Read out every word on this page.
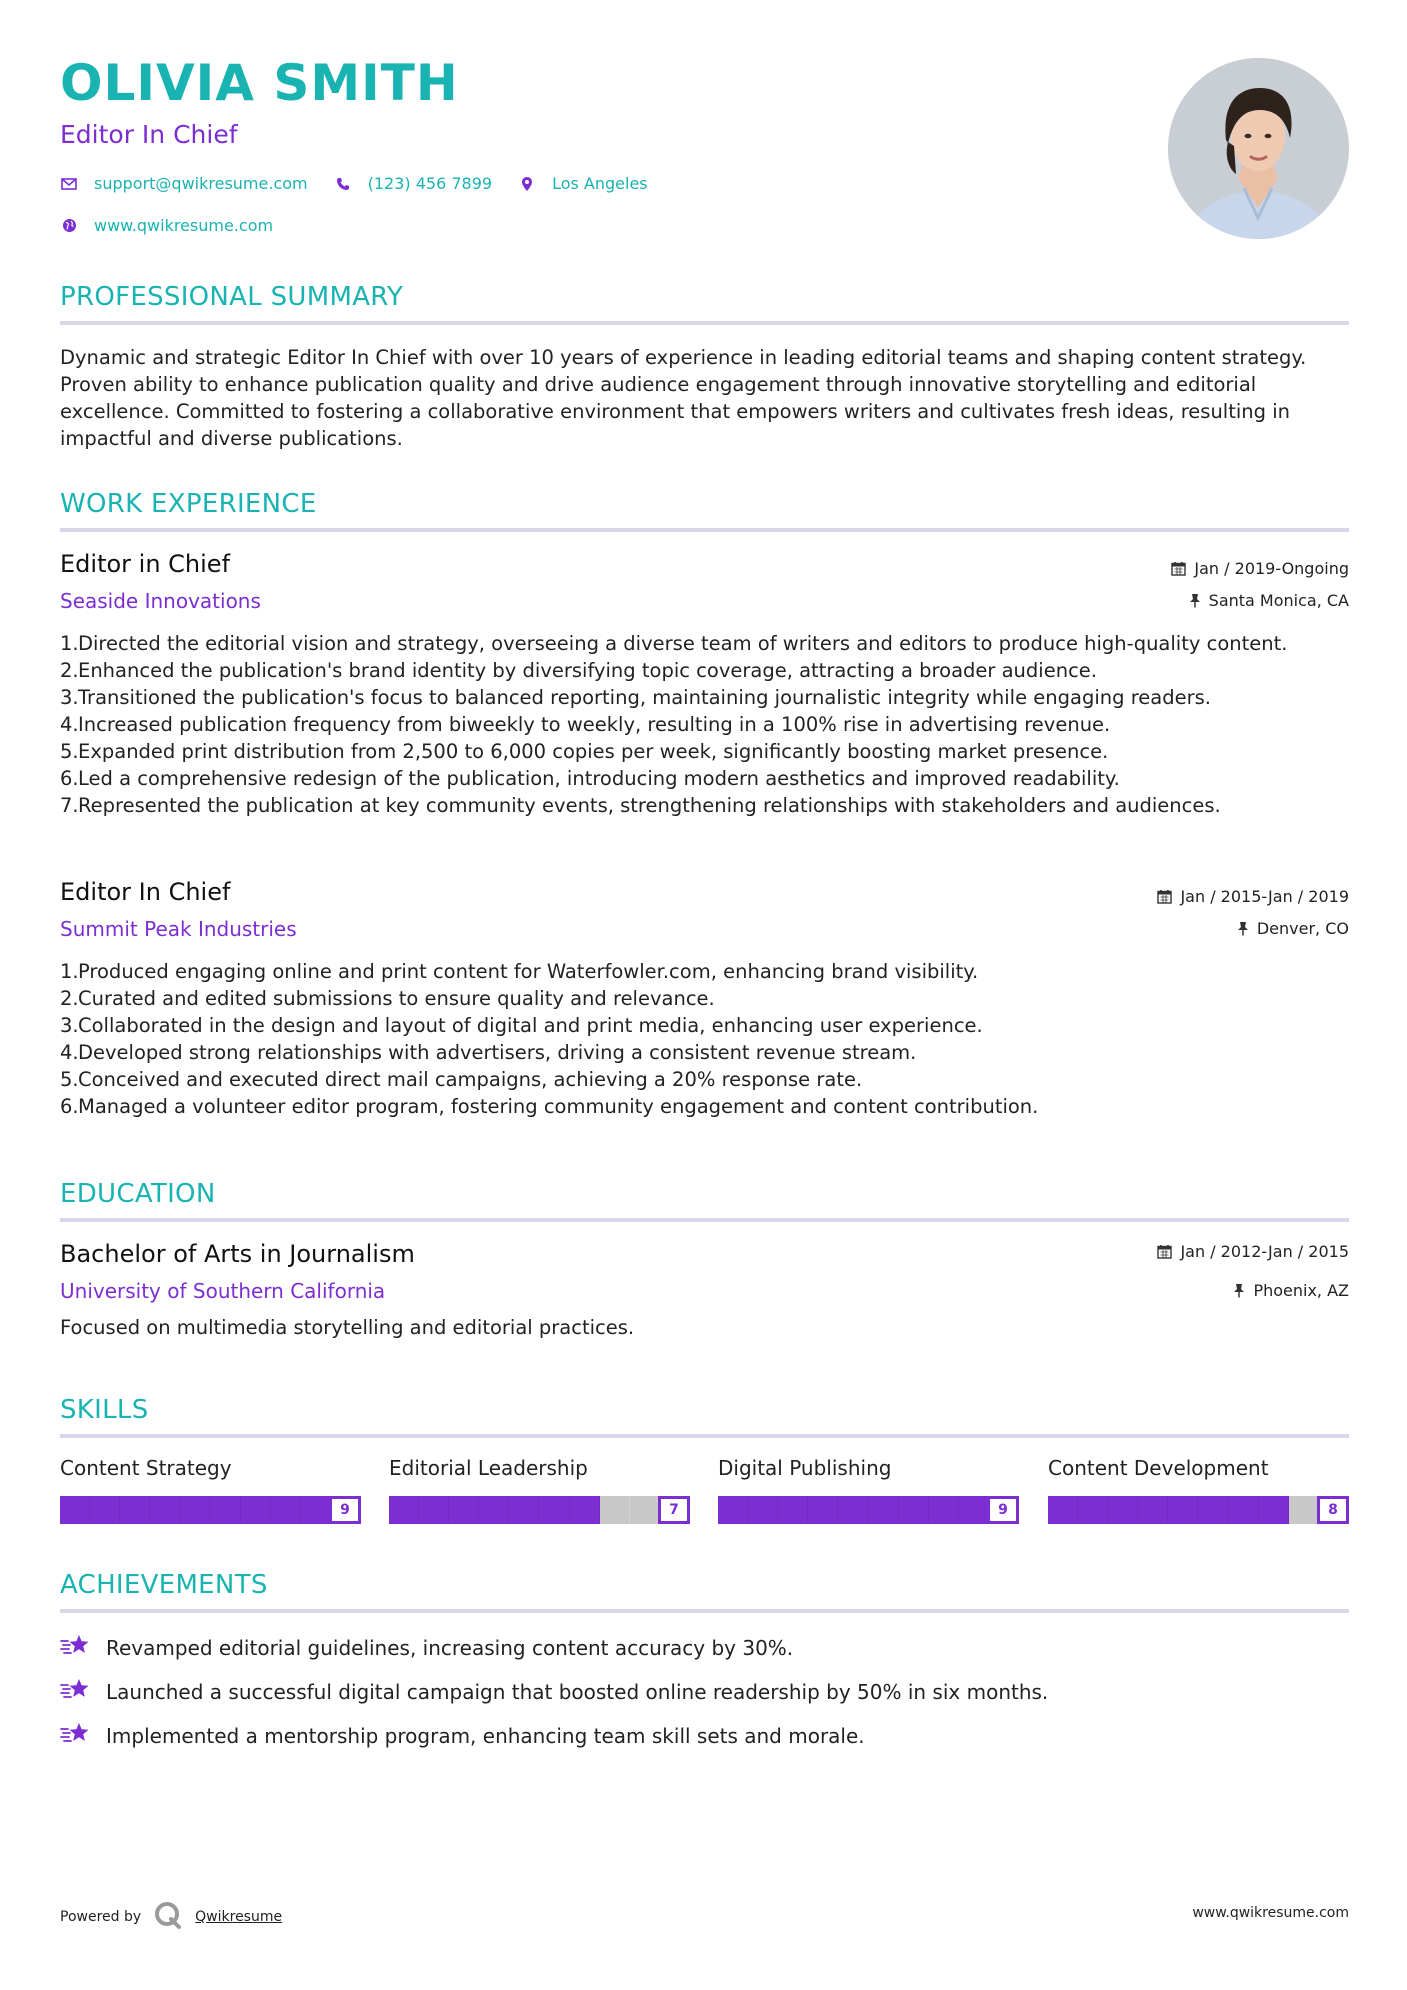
OLIVIA SMITH
Editor In Chief
support@qwikresume.com	(123) 456 7899	Los Angeles
www.qwikresume.com
PROFESSIONAL SUMMARY
Dynamic and strategic Editor In Chief with over 10 years of experience in leading editorial teams and shaping content strategy. Proven ability to enhance publication quality and drive audience engagement through innovative storytelling and editorial excellence. Committed to fostering a collaborative environment that empowers writers and cultivates fresh ideas, resulting in impactful and diverse publications.
WORK EXPERIENCE
Editor in Chief
Seaside Innovations
Jan / 2019-Ongoing
Santa Monica, CA
1. Directed the editorial vision and strategy, overseeing a diverse team of writers and editors to produce high-quality content.
2. Enhanced the publication's brand identity by diversifying topic coverage, attracting a broader audience.
3. Transitioned the publication's focus to balanced reporting, maintaining journalistic integrity while engaging readers.
4. Increased publication frequency from biweekly to weekly, resulting in a 100% rise in advertising revenue.
5. Expanded print distribution from 2,500 to 6,000 copies per week, significantly boosting market presence.
6. Led a comprehensive redesign of the publication, introducing modern aesthetics and improved readability.
7. Represented the publication at key community events, strengthening relationships with stakeholders and audiences.
Editor In Chief
Summit Peak Industries
Jan / 2015-Jan / 2019
Denver, CO
1. Produced engaging online and print content for Waterfowler.com, enhancing brand visibility.
2. Curated and edited submissions to ensure quality and relevance.
3. Collaborated in the design and layout of digital and print media, enhancing user experience.
4. Developed strong relationships with advertisers, driving a consistent revenue stream.
5. Conceived and executed direct mail campaigns, achieving a 20% response rate.
6. Managed a volunteer editor program, fostering community engagement and content contribution.
EDUCATION
Bachelor of Arts in Journalism
University of Southern California
Jan / 2012-Jan / 2015
Phoenix, AZ
Focused on multimedia storytelling and editorial practices.
SKILLS
Content Strategy
9
Editorial Leadership
7
Digital Publishing
9
Content Development
8
ACHIEVEMENTS
Revamped editorial guidelines, increasing content accuracy by 30%.
Launched a successful digital campaign that boosted online readership by 50% in six months.
Implemented a mentorship program, enhancing team skill sets and morale.
Powered by	Qwikresume	www.qwikresume.com
